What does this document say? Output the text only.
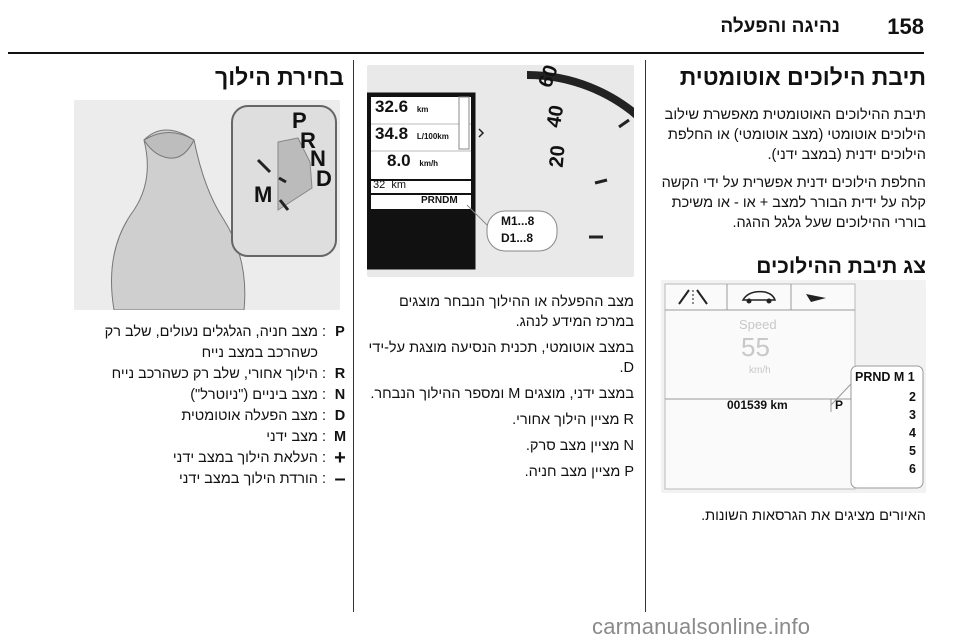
158
נהיגה והפעלה
תיבת הילוכים אוטומטית

תיבת ההילוכים האוטומטית מאפשרת שילוב הילוכים אוטומטי (מצב אוטומטי) או החלפת הילוכים ידנית (במצב ידני).

החלפת הילוכים ידנית אפשרית על ידי הקשה קלה על ידית הבורר למצב + או - או משיכת בוררי ההילוכים שעל גלגל ההגה.

צג תיבת ההילוכים
Speed
55
km/h
001539 km	P
PRND M 1
2
3
4
5
6

האיורים מציגים את הגרסאות השונות.

60
40
20
32.6 km
34.8 L/100km
8.0 km/h
32  km
PRNDM
M1...8
D1...8

מצב ההפעלה או ההילוך הנבחר מוצגים במרכז המידע לנהג.

במצב אוטומטי, תכנית הנסיעה מוצגת על-ידי D.

במצב ידני, מוצגים M ומספר ההילוך הנבחר.

R מציין הילוך אחורי.

N מציין מצב סרק.

P מציין מצב חניה.

בחירת הילוך
P
R
N
D
M
P
:
מצב חניה, הגלגלים נעולים, שלב רק כשהרכב במצב נייח
R
:
הילוך אחורי, שלב רק כשהרכב נייח
N
:
מצב ביניים ("ניוטרל")
D
:
מצב הפעלה אוטומטית
M
:
מצב ידני
+
:
העלאת הילוך במצב ידני
–
:
הורדת הילוך במצב ידני
carmanualsonline.info
